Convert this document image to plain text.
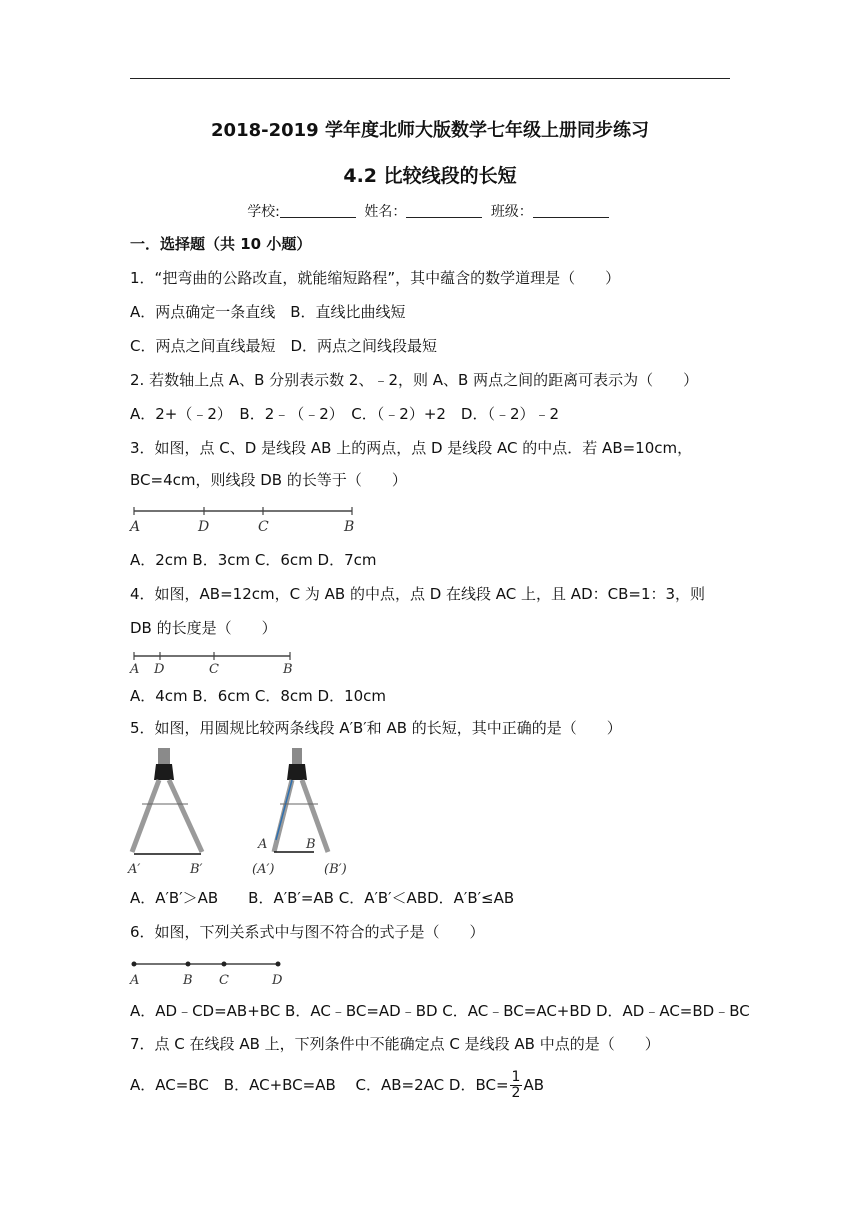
2018-2019 学年度北师大版数学七年级上册同步练习
4.2 比较线段的长短
学校:	姓名：	班级：
一．选择题（共 10 小题）
1．“把弯曲的公路改直，就能缩短路程”，其中蕴含的数学道理是（　　）
A．两点确定一条直线　B．直线比曲线短
C．两点之间直线最短　D．两点之间线段最短
2. 若数轴上点 A、B 分别表示数 2、﹣2，则 A、B 两点之间的距离可表示为（　　）
A．2+（﹣2）　B．2﹣（﹣2）　C．（﹣2）+2　D．（﹣2）﹣2
3．如图，点 C、D 是线段 AB 上的两点，点 D 是线段 AC 的中点．若 AB=10cm，
BC=4cm，则线段 DB 的长等于（　　）
A	D	C	B
A．2cm B．3cm C．6cm D．7cm
4．如图，AB=12cm，C 为 AB 的中点，点 D 在线段 AC 上，且 AD：CB=1：3，则
DB 的长度是（　　）
A D	C	B
A．4cm B．6cm C．8cm D．10cm
5．如图，用圆规比较两条线段 A′B′和 AB 的长短，其中正确的是（　　）
A′	B′
A	B
(A′)	(B′)
A．A′B′＞AB　　B．A′B′=AB C．A′B′＜ABD．A′B′≤AB
6．如图，下列关系式中与图不符合的式子是（　　）
A	B C	D
A．AD﹣CD=AB+BC B．AC﹣BC=AD﹣BD C．AC﹣BC=AC+BD D．AD﹣AC=BD﹣BC
7．点 C 在线段 AB 上，下列条件中不能确定点 C 是线段 AB 中点的是（　　）
A．AC=BC　B．AC+BC=AB　 C．AB=2AC D．$BC= \frac{1}{2}$ AB
